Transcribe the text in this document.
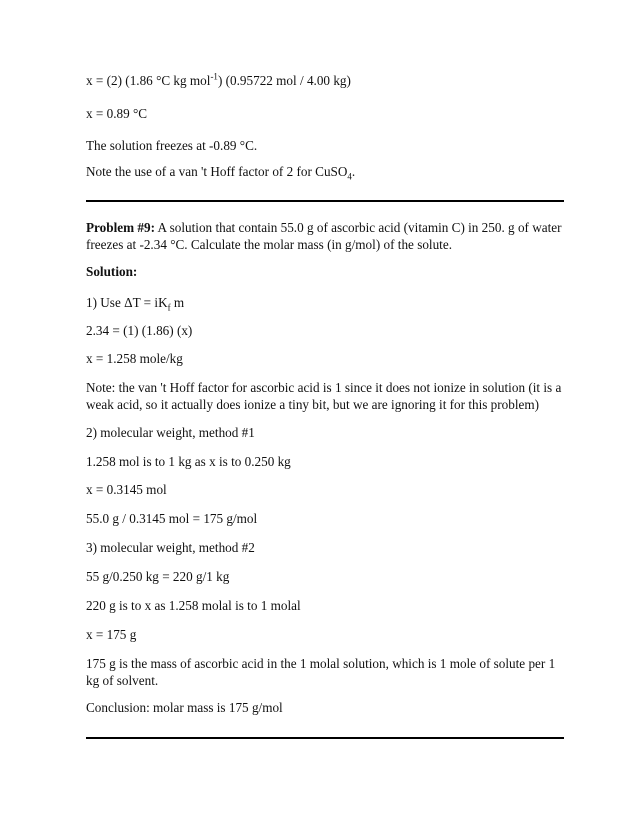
x = (2) (1.86 °C kg mol$^{-1}$) (0.95722 mol / 4.00 kg)
x = 0.89 °C
The solution freezes at -0.89 °C.
Note the use of a van 't Hoff factor of 2 for CuSO$_4$.
Problem #9: A solution that contain 55.0 g of ascorbic acid (vitamin C) in 250. g of water freezes at -2.34 °C. Calculate the molar mass (in g/mol) of the solute.
Solution:
1) Use $\Delta T = iK_f$ m
2.34 = (1) (1.86) (x)
x = 1.258 mole/kg
Note: the van 't Hoff factor for ascorbic acid is 1 since it does not ionize in solution (it is a weak acid, so it actually does ionize a tiny bit, but we are ignoring it for this problem)
2) molecular weight, method #1
1.258 mol is to 1 kg as x is to 0.250 kg
x = 0.3145 mol
55.0 g / 0.3145 mol = 175 g/mol
3) molecular weight, method #2
55 g/0.250 kg = 220 g/1 kg
220 g is to x as 1.258 molal is to 1 molal
x = 175 g
175 g is the mass of ascorbic acid in the 1 molal solution, which is 1 mole of solute per 1 kg of solvent.
Conclusion: molar mass is 175 g/mol
